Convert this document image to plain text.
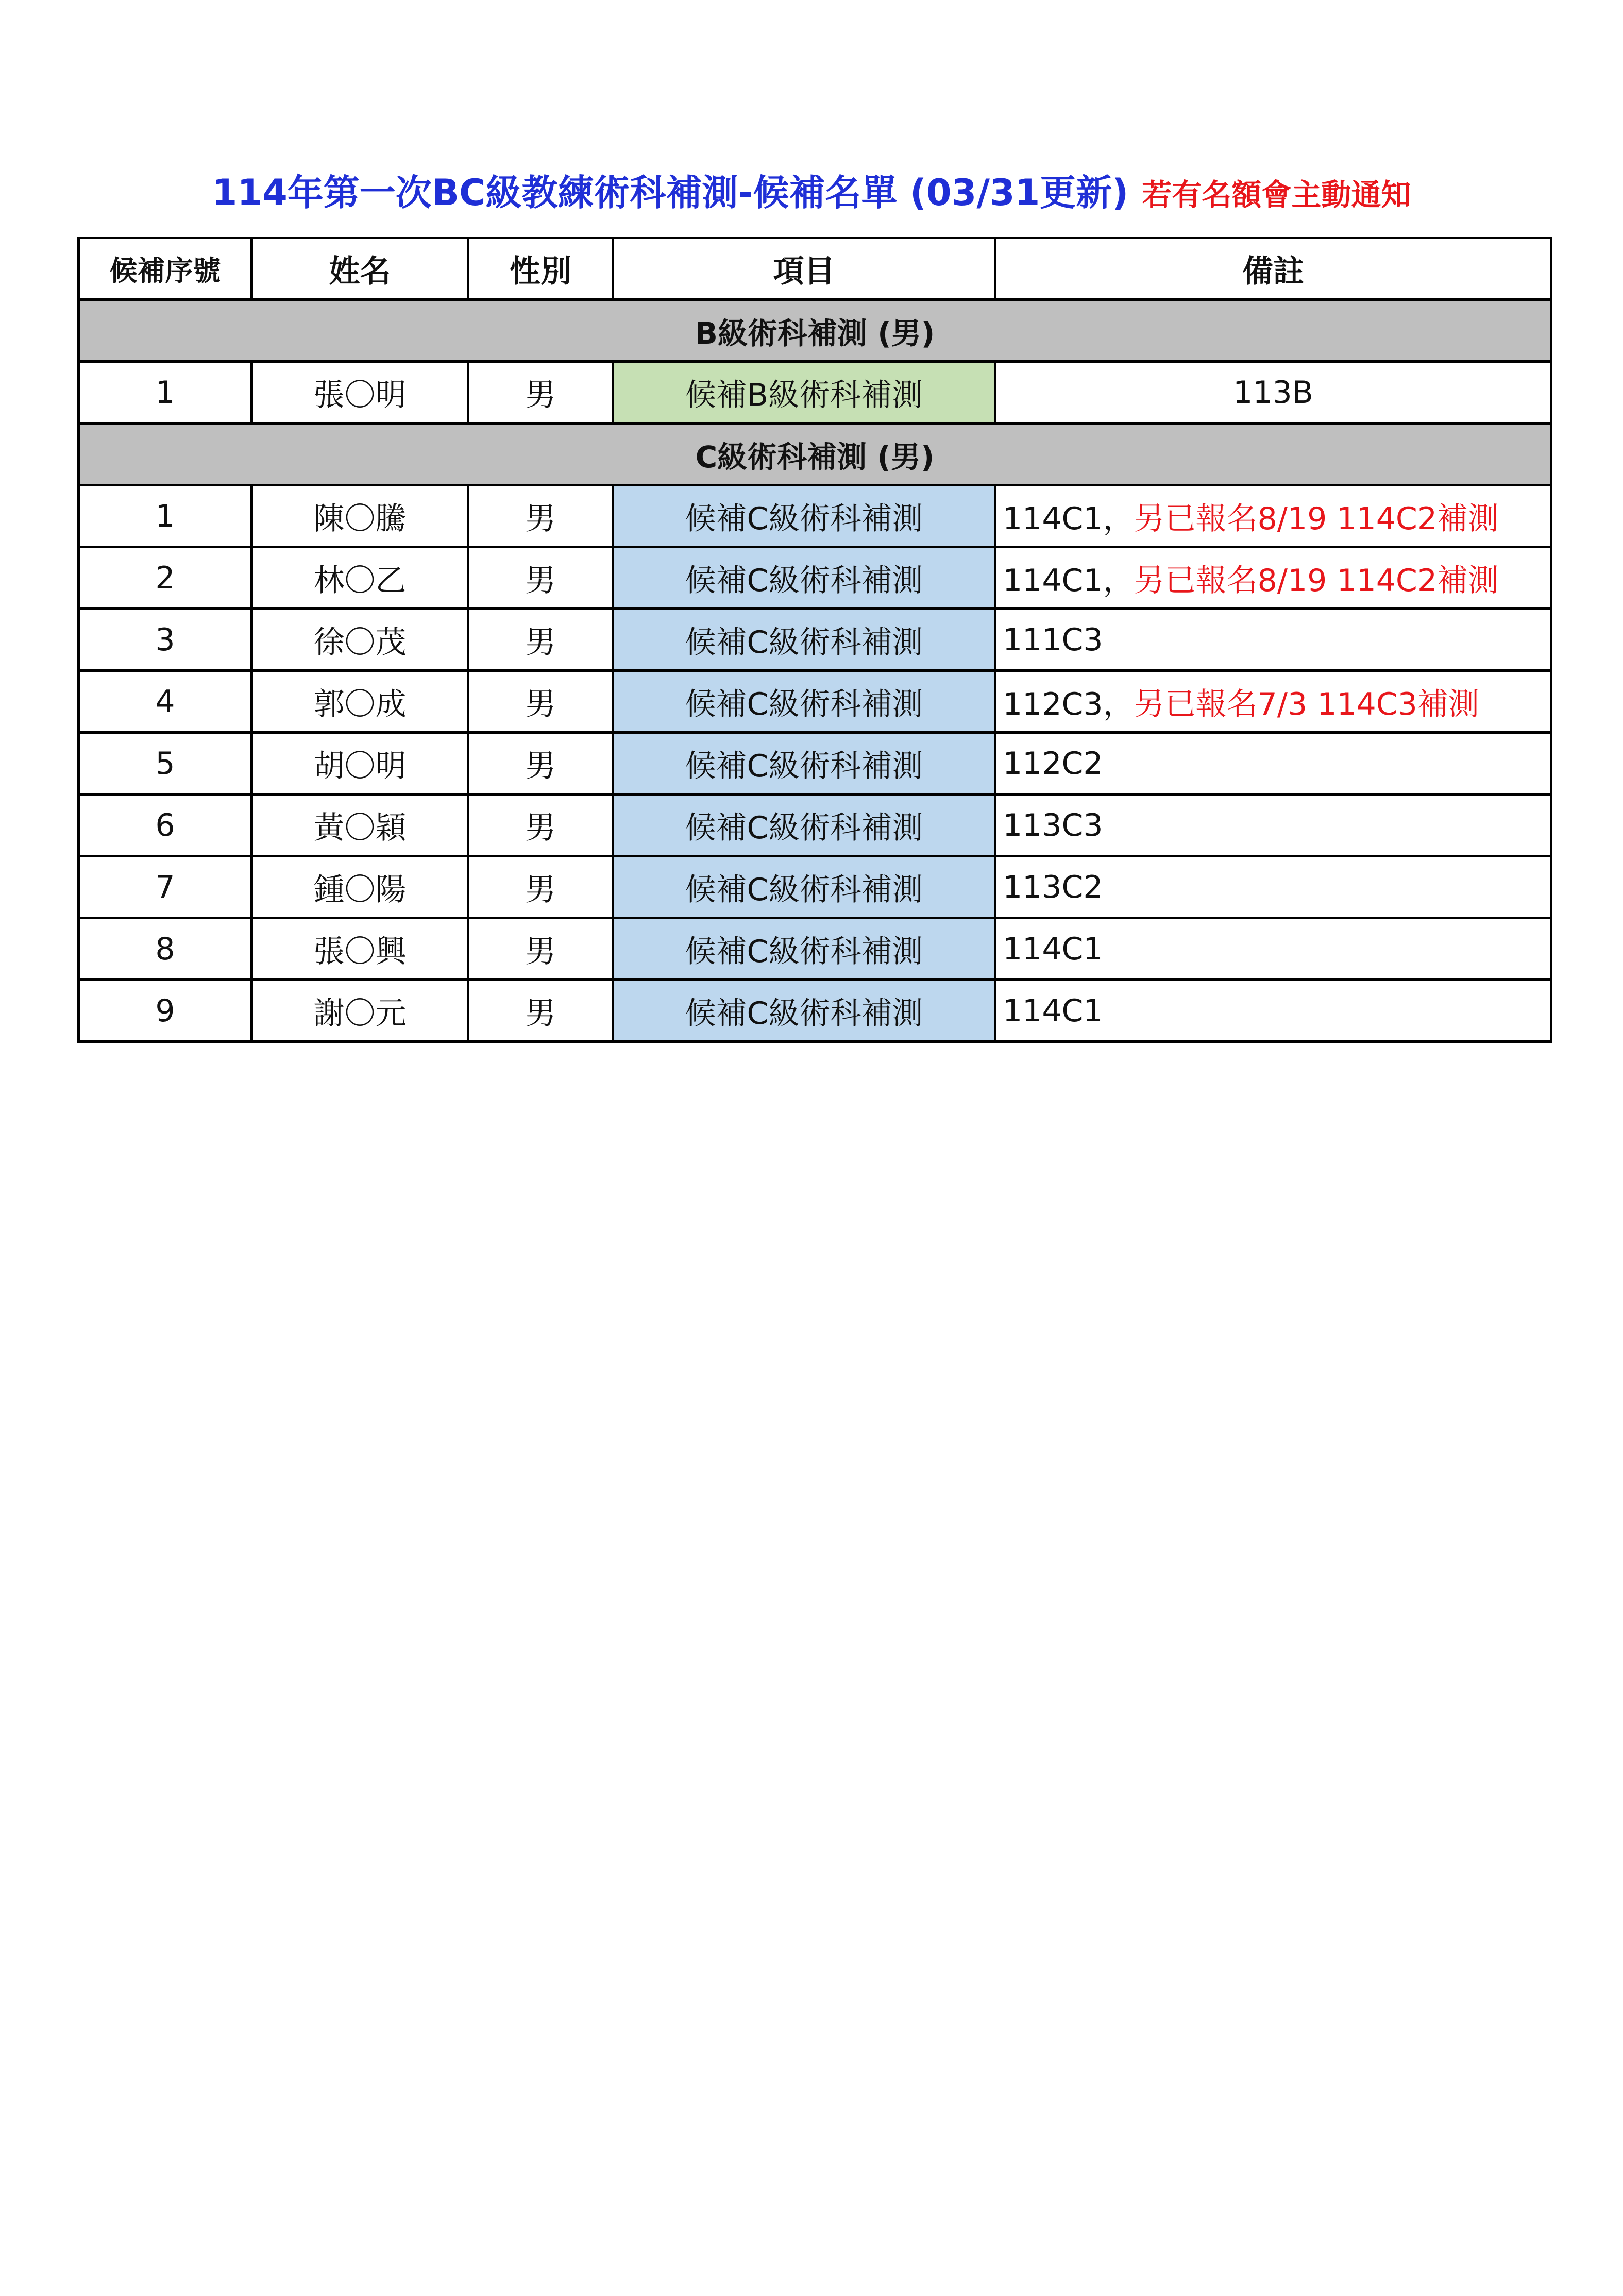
114年第一次BC級教練術科補測-候補名單 (03/31更新) 若有名額會主動通知
候補序號	姓名	性別	項目	備註
B級術科補測 (男)				
1	張〇明	男	候補B級術科補測	113B
C級術科補測 (男)				
1	陳〇騰	男	候補C級術科補測	114C1，另已報名8/19 114C2補測
2	林〇乙	男	候補C級術科補測	114C1，另已報名8/19 114C2補測
3	徐〇茂	男	候補C級術科補測	111C3
4	郭〇成	男	候補C級術科補測	112C3，另已報名7/3 114C3補測
5	胡〇明	男	候補C級術科補測	112C2
6	黃〇穎	男	候補C級術科補測	113C3
7	鍾〇陽	男	候補C級術科補測	113C2
8	張〇興	男	候補C級術科補測	114C1
9	謝〇元	男	候補C級術科補測	114C1
